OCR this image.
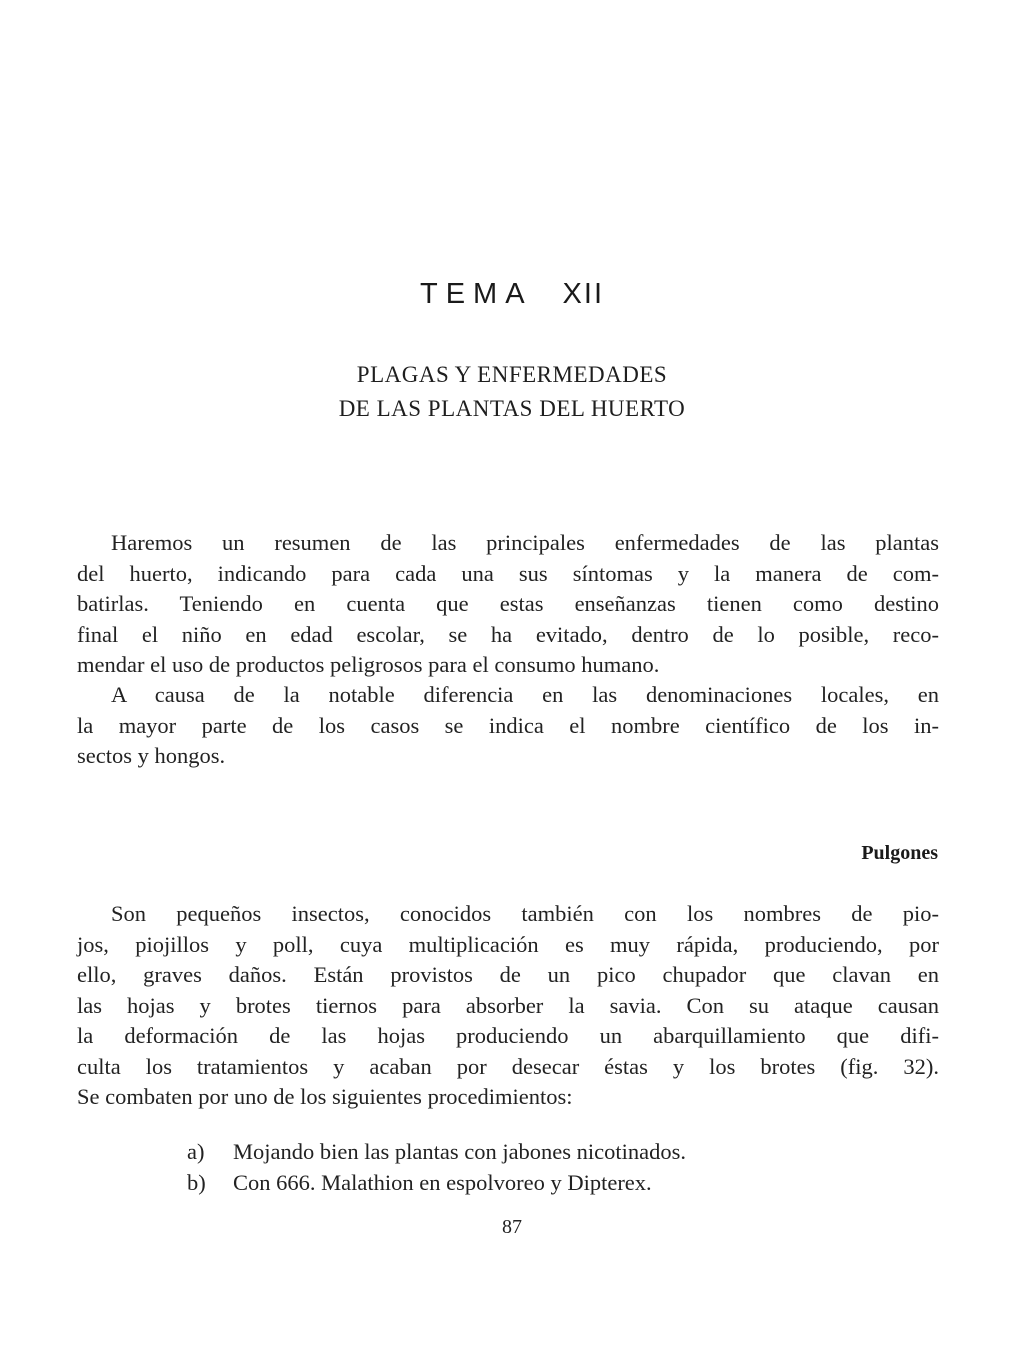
TEMA XII
PLAGAS Y ENFERMEDADES
DE LAS PLANTAS DEL HUERTO
Haremos un resumen de las principales enfermedades de las plantas
del huerto, indicando para cada una sus síntomas y la manera de com-
batirlas. Teniendo en cuenta que estas enseñanzas tienen como destino
final el niño en edad escolar, se ha evitado, dentro de lo posible, reco-
mendar el uso de productos peligrosos para el consumo humano.
A causa de la notable diferencia en las denominaciones locales, en
la mayor parte de los casos se indica el nombre científico de los in-
sectos y hongos.
Pulgones
Son pequeños insectos, conocidos también con los nombres de pio-
jos, piojillos y poll, cuya multiplicación es muy rápida, produciendo, por
ello, graves daños. Están provistos de un pico chupador que clavan en
las hojas y brotes tiernos para absorber la savia. Con su ataque causan
la deformación de las hojas produciendo un abarquillamiento que difi-
culta los tratamientos y acaban por desecar éstas y los brotes (fig. 32).
Se combaten por uno de los siguientes procedimientos:
a)	Mojando bien las plantas con jabones nicotinados.
b)	Con 666. Malathion en espolvoreo y Dipterex.
87
